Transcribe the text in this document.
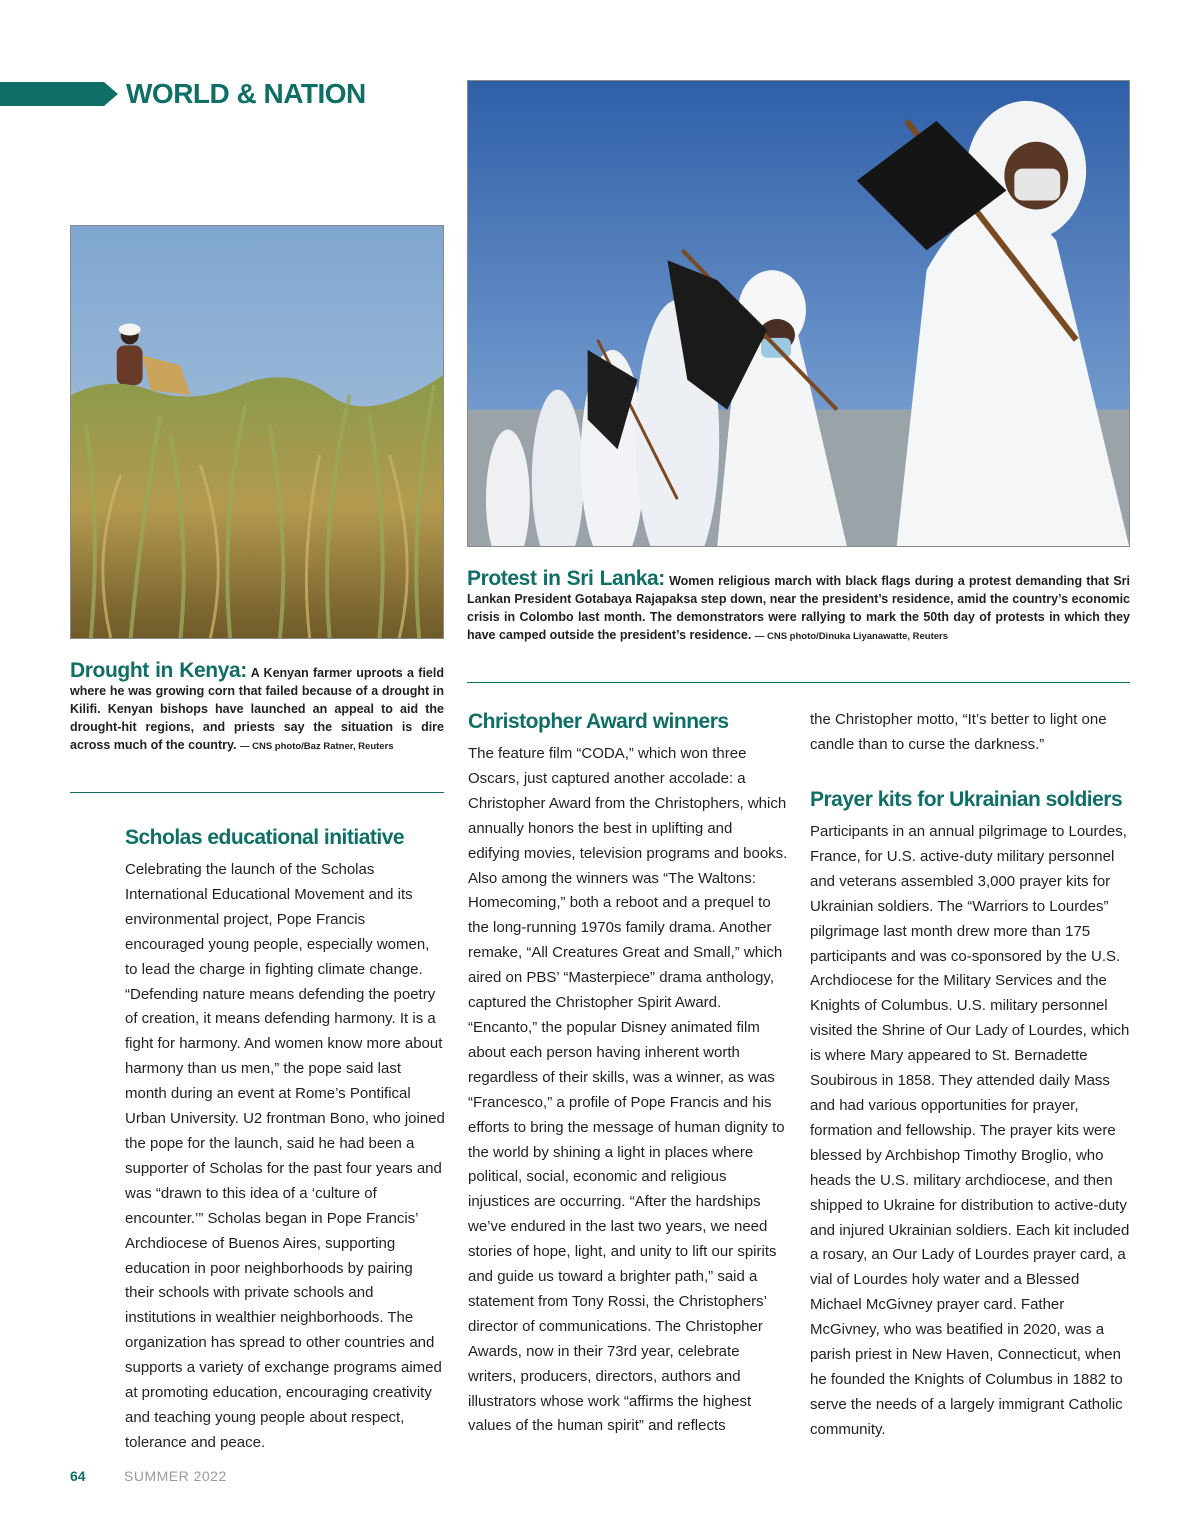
WORLD & NATION
Drought in Kenya: A Kenyan farmer uproots a field where he was growing corn that failed because of a drought in Kilifi. Kenyan bishops have launched an appeal to aid the drought-hit regions, and priests say the situation is dire across much of the country. — CNS photo/Baz Ratner, Reuters
Protest in Sri Lanka: Women religious march with black flags during a protest demanding that Sri Lankan President Gotabaya Rajapaksa step down, near the president’s residence, amid the country’s economic crisis in Colombo last month. The demonstrators were rallying to mark the 50th day of protests in which they have camped outside the president’s residence. — CNS photo/Dinuka Liyanawatte, Reuters
Scholas educational initiative

Celebrating the launch of the Scholas International Educational Movement and its environmental project, Pope Francis encouraged young people, especially women, to lead the charge in fighting climate change. “Defending nature means defending the poetry of creation, it means defending harmony. It is a fight for harmony. And women know more about harmony than us men,” the pope said last month during an event at Rome’s Pontifical Urban University. U2 frontman Bono, who joined the pope for the launch, said he had been a supporter of Scholas for the past four years and was “drawn to this idea of a ‘culture of encounter.’” Scholas began in Pope Francis’ Archdiocese of Buenos Aires, supporting education in poor neighborhoods by pairing their schools with private schools and institutions in wealthier neighborhoods. The organization has spread to other countries and supports a variety of exchange programs aimed at promoting education, encouraging creativity and teaching young people about respect, tolerance and peace.

Christopher Award winners

The feature film “CODA,” which won three Oscars, just captured another accolade: a Christopher Award from the Christophers, which annually honors the best in uplifting and edifying movies, television programs and books. Also among the winners was “The Waltons: Homecoming,” both a reboot and a prequel to the long-running 1970s family drama. Another remake, “All Creatures Great and Small,” which aired on PBS’ “Masterpiece” drama anthology, captured the Christopher Spirit Award. “Encanto,” the popular Disney animated film about each person having inherent worth regardless of their skills, was a winner, as was “Francesco,” a profile of Pope Francis and his efforts to bring the message of human dignity to the world by shining a light in places where political, social, economic and religious injustices are occurring. “After the hardships we’ve endured in the last two years, we need stories of hope, light, and unity to lift our spirits and guide us toward a brighter path,” said a statement from Tony Rossi, the Christophers’ director of communications. The Christopher Awards, now in their 73rd year, celebrate writers, producers, directors, authors and illustrators whose work “affirms the highest values of the human spirit” and reflects

the Christopher motto, “It’s better to light one candle than to curse the darkness.”

Prayer kits for Ukrainian soldiers

Participants in an annual pilgrimage to Lourdes, France, for U.S. active-duty military personnel and veterans assembled 3,000 prayer kits for Ukrainian soldiers. The “Warriors to Lourdes” pilgrimage last month drew more than 175 participants and was co-sponsored by the U.S. Archdiocese for the Military Services and the Knights of Columbus. U.S. military personnel visited the Shrine of Our Lady of Lourdes, which is where Mary appeared to St. Bernadette Soubirous in 1858. They attended daily Mass and had various opportunities for prayer, formation and fellowship. The prayer kits were blessed by Archbishop Timothy Broglio, who heads the U.S. military archdiocese, and then shipped to Ukraine for distribution to active-duty and injured Ukrainian soldiers. Each kit included a rosary, an Our Lady of Lourdes prayer card, a vial of Lourdes holy water and a Blessed Michael McGivney prayer card. Father McGivney, who was beatified in 2020, was a parish priest in New Haven, Connecticut, when he founded the Knights of Columbus in 1882 to serve the needs of a largely immigrant Catholic community.

64	SUMMER 2022
